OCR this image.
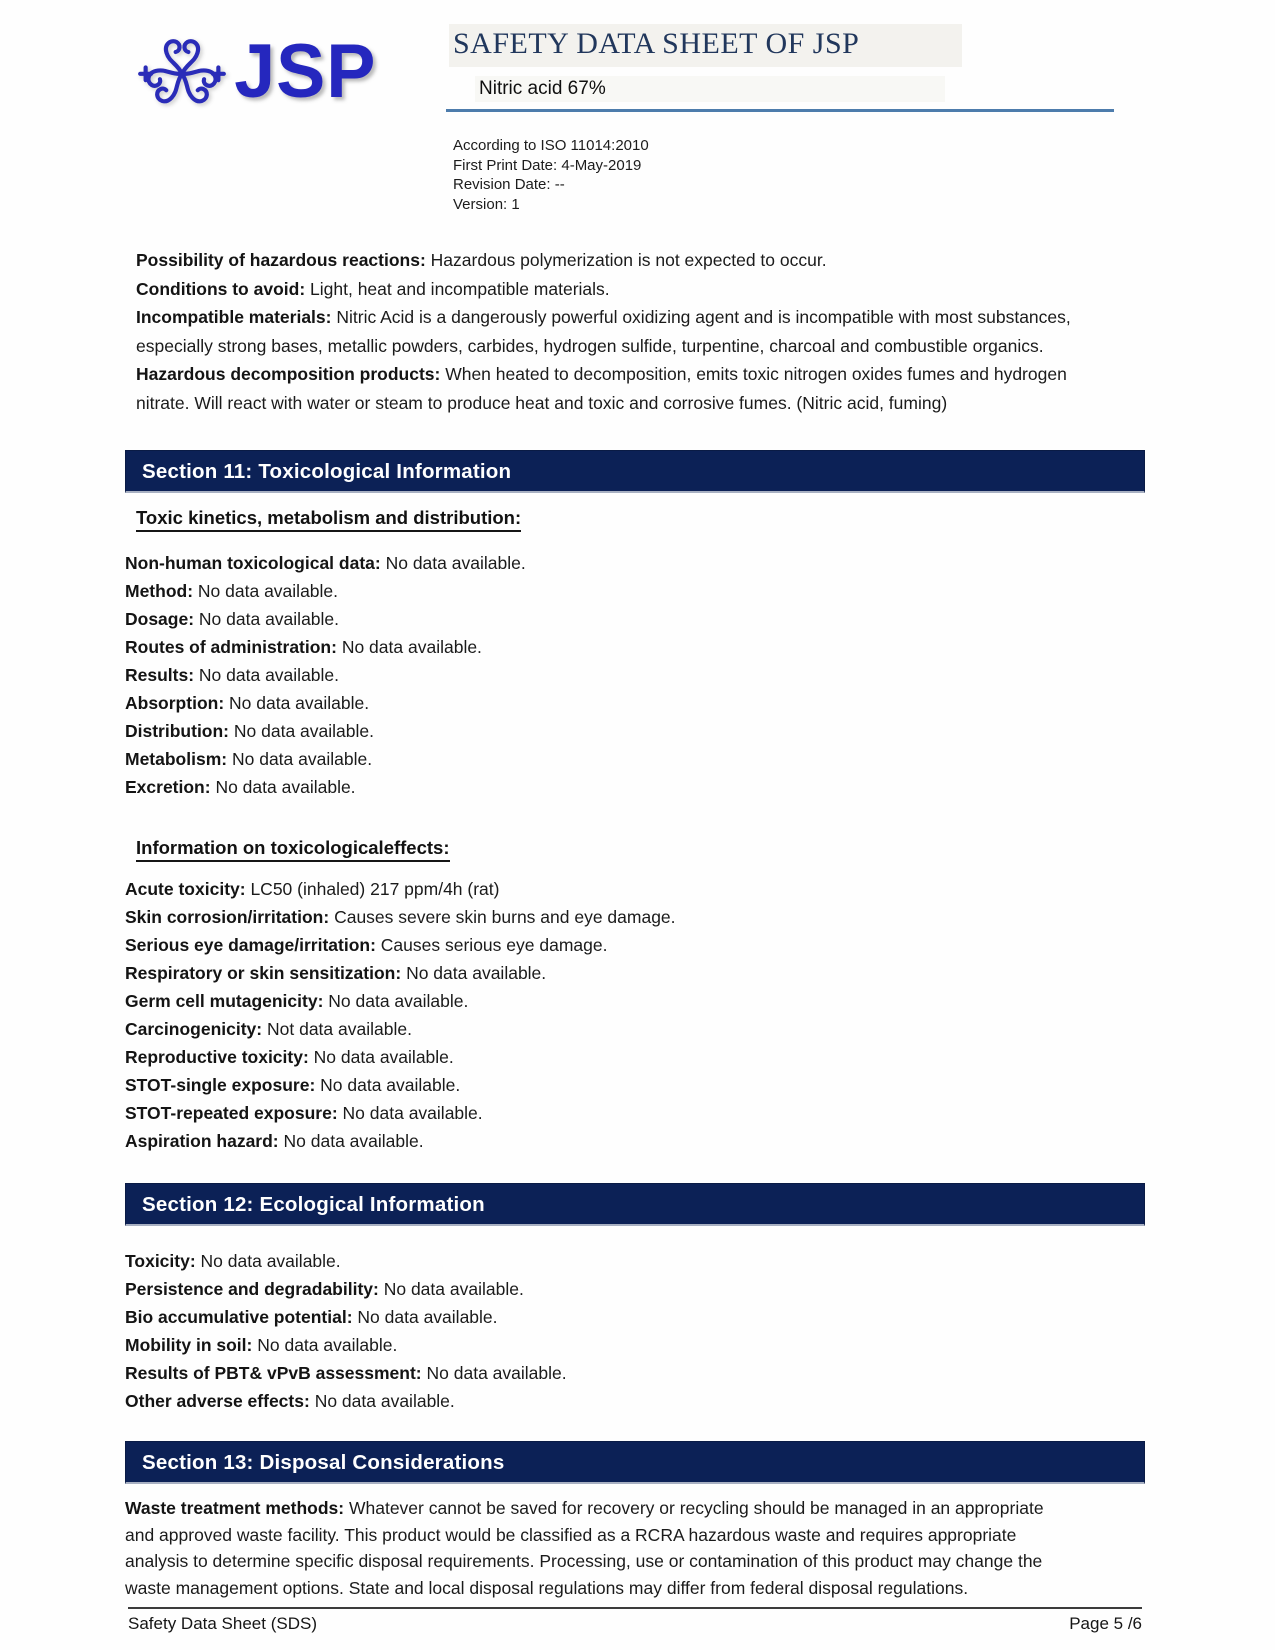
JSP	SAFETY DATA SHEET OF JSP
Nitric acid 67%
According to ISO 11014:2010
First Print Date: 4-May-2019
Revision Date: --
Version: 1

Possibility of hazardous reactions: Hazardous polymerization is not expected to occur.

Conditions to avoid: Light, heat and incompatible materials.

Incompatible materials: Nitric Acid is a dangerously powerful oxidizing agent and is incompatible with most substances,
especially strong bases, metallic powders, carbides, hydrogen sulfide, turpentine, charcoal and combustible organics.

Hazardous decomposition products: When heated to decomposition, emits toxic nitrogen oxides fumes and hydrogen
nitrate. Will react with water or steam to produce heat and toxic and corrosive fumes. (Nitric acid, fuming)

Section 11: Toxicological Information
Toxic kinetics, metabolism and distribution:

Non-human toxicological data: No data available.

Method: No data available.

Dosage: No data available.

Routes of administration: No data available.

Results: No data available.

Absorption: No data available.

Distribution: No data available.

Metabolism: No data available.

Excretion: No data available.

Information on toxicologicaleffects:

Acute toxicity: LC50 (inhaled) 217 ppm/4h (rat)

Skin corrosion/irritation: Causes severe skin burns and eye damage.

Serious eye damage/irritation: Causes serious eye damage.

Respiratory or skin sensitization: No data available.

Germ cell mutagenicity: No data available.

Carcinogenicity: Not data available.

Reproductive toxicity: No data available.

STOT-single exposure: No data available.

STOT-repeated exposure: No data available.

Aspiration hazard: No data available.

Section 12: Ecological Information

Toxicity: No data available.

Persistence and degradability: No data available.

Bio accumulative potential: No data available.

Mobility in soil: No data available.

Results of PBT& vPvB assessment: No data available.

Other adverse effects: No data available.

Section 13: Disposal Considerations

Waste treatment methods: Whatever cannot be saved for recovery or recycling should be managed in an appropriate

and approved waste facility. This product would be classified as a RCRA hazardous waste and requires appropriate

analysis to determine specific disposal requirements. Processing, use or contamination of this product may change the

waste management options. State and local disposal regulations may differ from federal disposal regulations.

Safety Data Sheet (SDS)	Page 5 /6
